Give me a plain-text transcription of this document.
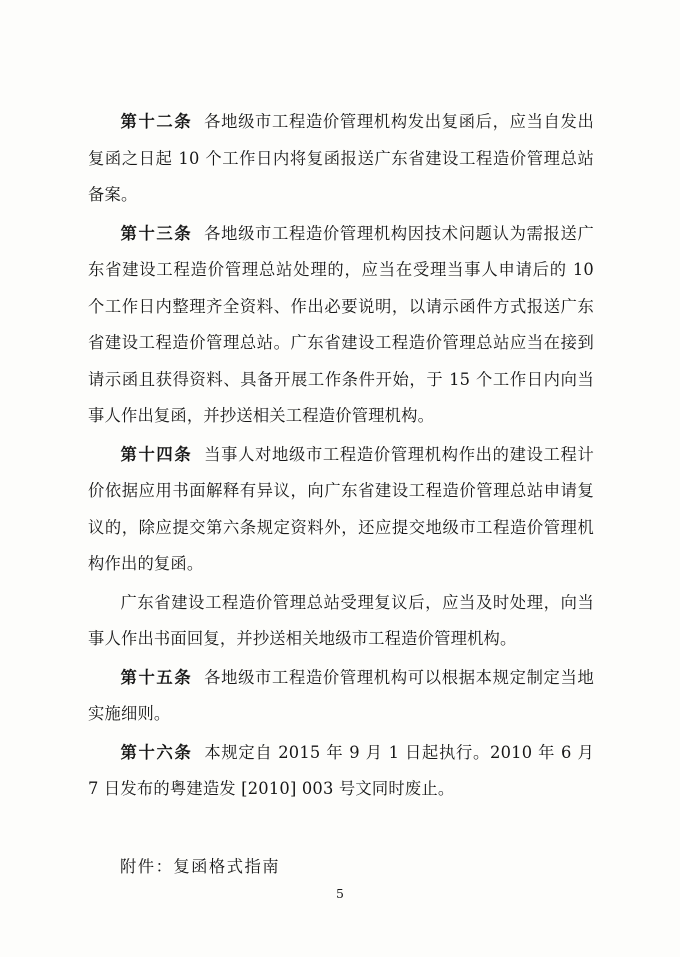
第十二条 各地级市工程造价管理机构发出复函后，应当自发出复函之日起 10 个工作日内将复函报送广东省建设工程造价管理总站备案。

第十三条 各地级市工程造价管理机构因技术问题认为需报送广东省建设工程造价管理总站处理的，应当在受理当事人申请后的 10 个工作日内整理齐全资料、作出必要说明，以请示函件方式报送广东省建设工程造价管理总站。广东省建设工程造价管理总站应当在接到请示函且获得资料、具备开展工作条件开始，于 15 个工作日内向当事人作出复函，并抄送相关工程造价管理机构。

第十四条 当事人对地级市工程造价管理机构作出的建设工程计价依据应用书面解释有异议，向广东省建设工程造价管理总站申请复议的，除应提交第六条规定资料外，还应提交地级市工程造价管理机构作出的复函。

广东省建设工程造价管理总站受理复议后，应当及时处理，向当事人作出书面回复，并抄送相关地级市工程造价管理机构。

第十五条 各地级市工程造价管理机构可以根据本规定制定当地实施细则。

第十六条 本规定自 2015 年 9 月 1 日起执行。2010 年 6 月 7 日发布的粤建造发 [2010] 003 号文同时废止。

附件：复函格式指南
5
